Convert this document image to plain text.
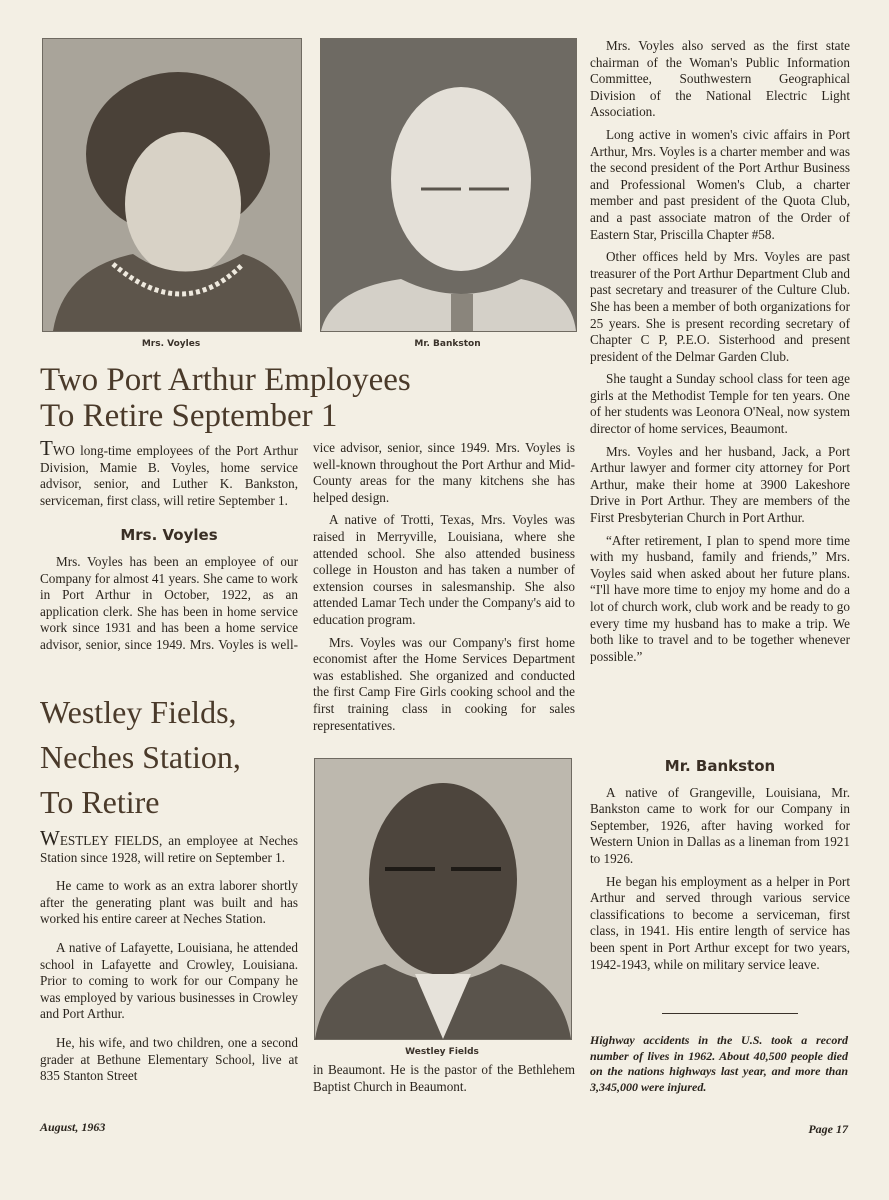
Mrs. Voyles	Mr. Bankston
Two Port Arthur Employees
To Retire September 1

TWO long-time employees of the Port Arthur Division, Mamie B. Voyles, home service advisor, senior, and Luther K. Bankston, serviceman, first class, will retire September 1.

Mrs. Voyles

Mrs. Voyles has been an employee of our Company for almost 41 years. She came to work in Port Arthur in October, 1922, as an application clerk. She has been in home service work since 1931 and has been a home service advisor, senior, since 1949. Mrs. Voyles is well-

vice advisor, senior, since 1949. Mrs. Voyles is well-known throughout the Port Arthur and Mid-County areas for the many kitchens she has helped design.

A native of Trotti, Texas, Mrs. Voyles was raised in Merryville, Louisiana, where she attended school. She also attended business college in Houston and has taken a number of extension courses in salesmanship. She also attended Lamar Tech under the Company's aid to education program.

Mrs. Voyles was our Company's first home economist after the Home Services Department was established. She organized and conducted the first Camp Fire Girls cooking school and the first training class in cooking for sales representatives.

Mrs. Voyles also served as the first state chairman of the Woman's Public Information Committee, Southwestern Geographical Division of the National Electric Light Association.

Long active in women's civic affairs in Port Arthur, Mrs. Voyles is a charter member and was the second president of the Port Arthur Business and Professional Women's Club, a charter member and past president of the Quota Club, and a past associate matron of the Order of Eastern Star, Priscilla Chapter #58.

Other offices held by Mrs. Voyles are past treasurer of the Port Arthur Department Club and past secretary and treasurer of the Culture Club. She has been a member of both organizations for 25 years. She is present recording secretary of Chapter C P, P.E.O. Sisterhood and present president of the Delmar Garden Club.

She taught a Sunday school class for teen age girls at the Methodist Temple for ten years. One of her students was Leonora O'Neal, now system director of home services, Beaumont.

Mrs. Voyles and her husband, Jack, a Port Arthur lawyer and former city attorney for Port Arthur, make their home at 3900 Lakeshore Drive in Port Arthur. They are members of the First Presbyterian Church in Port Arthur.

“After retirement, I plan to spend more time with my husband, family and friends,” Mrs. Voyles said when asked about her future plans. “I'll have more time to enjoy my home and do a lot of church work, club work and be ready to go every time my husband has to make a trip. We both like to travel and to be together whenever possible.”

Mr. Bankston

A native of Grangeville, Louisiana, Mr. Bankston came to work for our Company in September, 1926, after having worked for Western Union in Dallas as a lineman from 1921 to 1926.

He began his employment as a helper in Port Arthur and served through various service classifications to become a serviceman, first class, in 1941. His entire length of service has been spent in Port Arthur except for two years, 1942-1943, while on military service leave.

Highway accidents in the U.S. took a record number of lives in 1962. About 40,500 people died on the nations highways last year, and more than 3,345,000 were injured.
Westley Fields,
Neches Station,
To Retire

WESTLEY FIELDS, an employee at Neches Station since 1928, will retire on September 1.

He came to work as an extra laborer shortly after the generating plant was built and has worked his entire career at Neches Station.

A native of Lafayette, Louisiana, he attended school in Lafayette and Crowley, Louisiana. Prior to coming to work for our Company he was employed by various businesses in Crowley and Port Arthur.

He, his wife, and two children, one a second grader at Bethune Elementary School, live at 835 Stanton Street

Westley Fields

in Beaumont. He is the pastor of the Bethlehem Baptist Church in Beaumont.

August, 1963	Page 17
